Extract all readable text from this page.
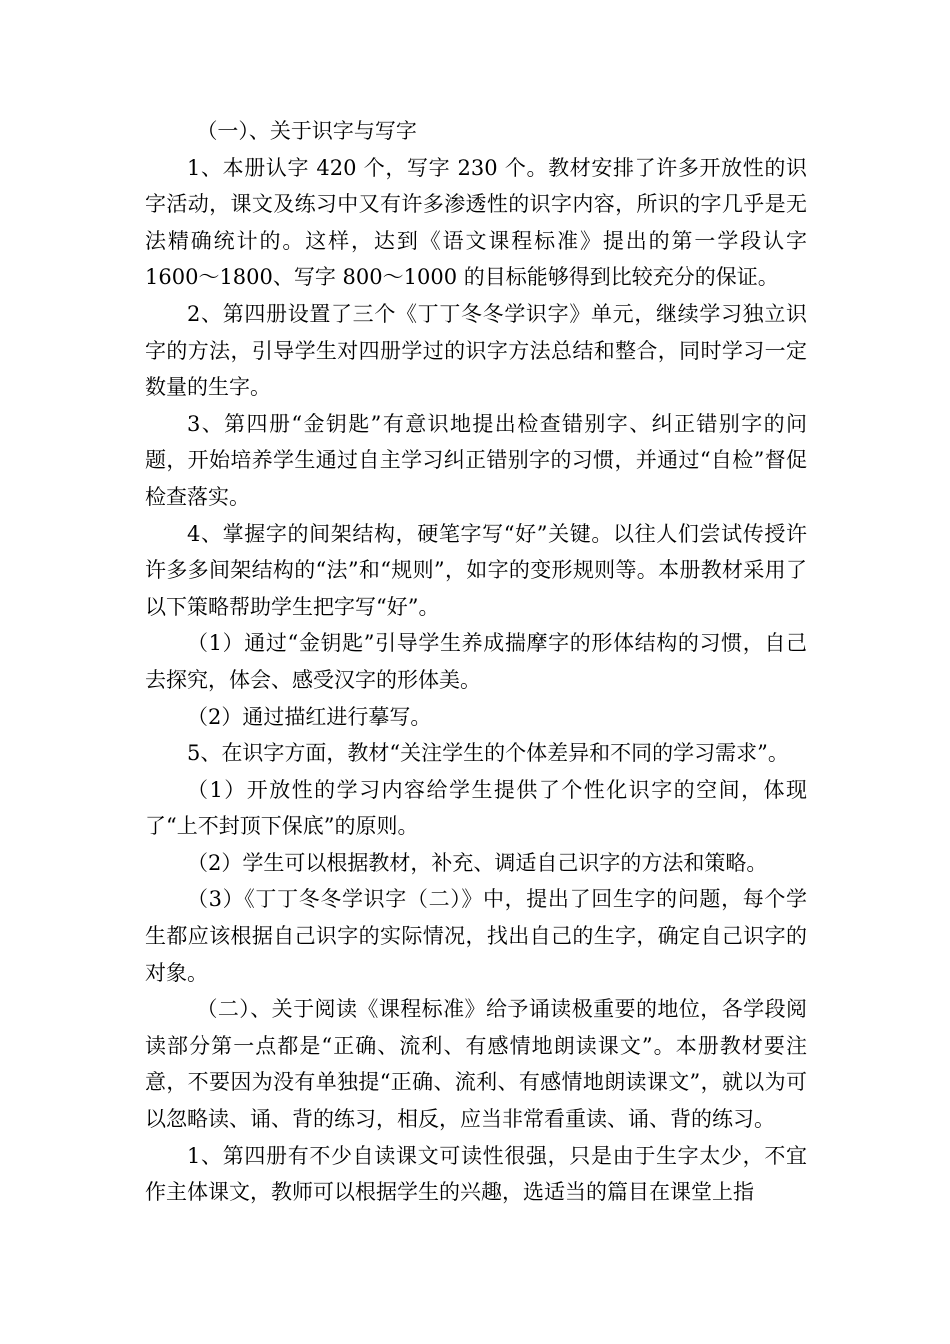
（一）、关于识字与写字

1、本册认字 420 个，写字 230 个。教材安排了许多开放性的识字活动，课文及练习中又有许多渗透性的识字内容，所识的字几乎是无法精确统计的。这样，达到《语文课程标准》提出的第一学段认字 1600～1800、写字 800～1000 的目标能够得到比较充分的保证。

2、第四册设置了三个《丁丁冬冬学识字》单元，继续学习独立识字的方法，引导学生对四册学过的识字方法总结和整合，同时学习一定数量的生字。

3、第四册“金钥匙”有意识地提出检查错别字、纠正错别字的问题，开始培养学生通过自主学习纠正错别字的习惯，并通过“自检”督促检查落实。

4、掌握字的间架结构，硬笔字写“好”关键。以往人们尝试传授许许多多间架结构的“法”和“规则”，如字的变形规则等。本册教材采用了以下策略帮助学生把字写“好”。

（1）通过“金钥匙”引导学生养成揣摩字的形体结构的习惯，自己去探究，体会、感受汉字的形体美。

（2）通过描红进行摹写。

5、在识字方面，教材“关注学生的个体差异和不同的学习需求”。

（1）开放性的学习内容给学生提供了个性化识字的空间，体现了“上不封顶下保底”的原则。

（2）学生可以根据教材，补充、调适自己识字的方法和策略。

（3）《丁丁冬冬学识字（二）》中，提出了回生字的问题，每个学生都应该根据自己识字的实际情况，找出自己的生字，确定自己识字的对象。

（二）、关于阅读《课程标准》给予诵读极重要的地位，各学段阅读部分第一点都是“正确、流利、有感情地朗读课文”。本册教材要注意，不要因为没有单独提“正确、流利、有感情地朗读课文”，就以为可以忽略读、诵、背的练习，相反，应当非常看重读、诵、背的练习。

1、第四册有不少自读课文可读性很强，只是由于生字太少，不宜作主体课文，教师可以根据学生的兴趣，选适当的篇目在课堂上指
